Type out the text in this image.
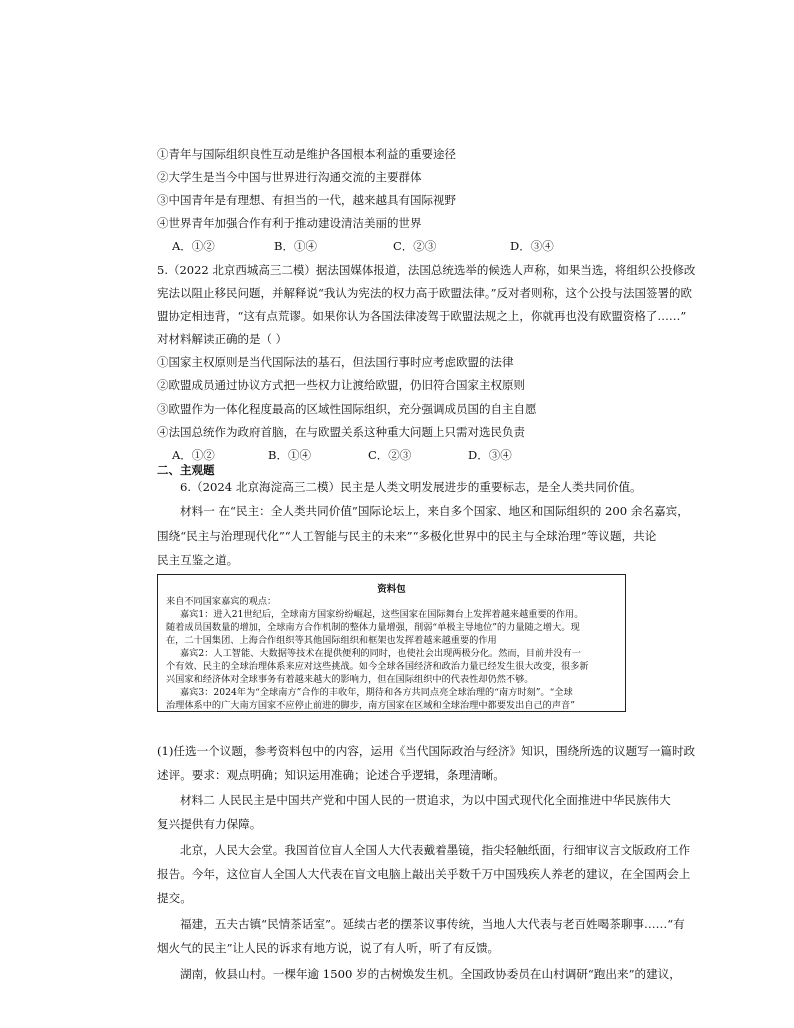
①青年与国际组织良性互动是维护各国根本利益的重要途径
②大学生是当今中国与世界进行沟通交流的主要群体
③中国青年是有理想、有担当的一代，越来越具有国际视野
④世界青年加强合作有利于推动建设清洁美丽的世界
A．①②	B．①④	C．②③	D．③④
5.（2022 北京西城高三二模）据法国媒体报道，法国总统选举的候选人声称，如果当选，将组织公投修改
宪法以阻止移民问题，并解释说“我认为宪法的权力高于欧盟法律。”反对者则称，这个公投与法国签署的欧
盟协定相违背，“这有点荒谬。如果你认为各国法律凌驾于欧盟法规之上，你就再也没有欧盟资格了……”
对材料解读正确的是（ ）
①国家主权原则是当代国际法的基石，但法国行事时应考虑欧盟的法律
②欧盟成员通过协议方式把一些权力让渡给欧盟，仍旧符合国家主权原则
③欧盟作为一体化程度最高的区域性国际组织，充分强调成员国的自主自愿
④法国总统作为政府首脑，在与欧盟关系这种重大问题上只需对选民负责
A．①②	B．①④	C．②③	D．③④
二、主观题
6.（2024 北京海淀高三二模）民主是人类文明发展进步的重要标志，是全人类共同价值。
材料一 在“民主：全人类共同价值”国际论坛上，来自多个国家、地区和国际组织的 200 余名嘉宾，
围绕“民主与治理现代化”“人工智能与民主的未来”“多极化世界中的民主与全球治理”等议题，共论
民主互鉴之道。
资料包
来自不同国家嘉宾的观点：
嘉宾1：进入21世纪后，全球南方国家纷纷崛起，这些国家在国际舞台上发挥着越来越重要的作用。
随着成员国数量的增加，全球南方合作机制的整体力量增强，削弱“单极主导地位”的力量随之增大。现
在，二十国集团、上海合作组织等其他国际组织和框架也发挥着越来越重要的作用
嘉宾2：人工智能、大数据等技术在提供便利的同时，也使社会出现两极分化。然而，目前并没有一
个有效、民主的全球治理体系来应对这些挑战。如今全球各国经济和政治力量已经发生很大改变，很多新
兴国家和经济体对全球事务有着越来越大的影响力，但在国际组织中的代表性却仍然不够。
嘉宾3：2024年为“全球南方”合作的丰收年，期待和各方共同点亮全球治理的“南方时刻”。“全球
治理体系中的广大南方国家不应停止前进的脚步，南方国家在区域和全球治理中都要发出自己的声音”
(1)任选一个议题，参考资料包中的内容，运用《当代国际政治与经济》知识，围绕所选的议题写一篇时政
述评。要求：观点明确；知识运用准确；论述合乎逻辑，条理清晰。
材料二 人民民主是中国共产党和中国人民的一贯追求，为以中国式现代化全面推进中华民族伟大
复兴提供有力保障。
北京，人民大会堂。我国首位盲人全国人大代表戴着墨镜，指尖轻触纸面，行细审议言文版政府工作
报告。今年，这位盲人全国人大代表在盲文电脑上敲出关乎数千万中国残疾人养老的建议，在全国两会上
提交。
福建，五夫古镇“民情茶话室”。延续古老的摆茶议事传统，当地人大代表与老百姓喝茶聊事……“有
烟火气的民主”让人民的诉求有地方说，说了有人听，听了有反馈。
湖南，攸县山村。一棵年逾 1500 岁的古树焕发生机。全国政协委员在山村调研“跑出来”的建议，
